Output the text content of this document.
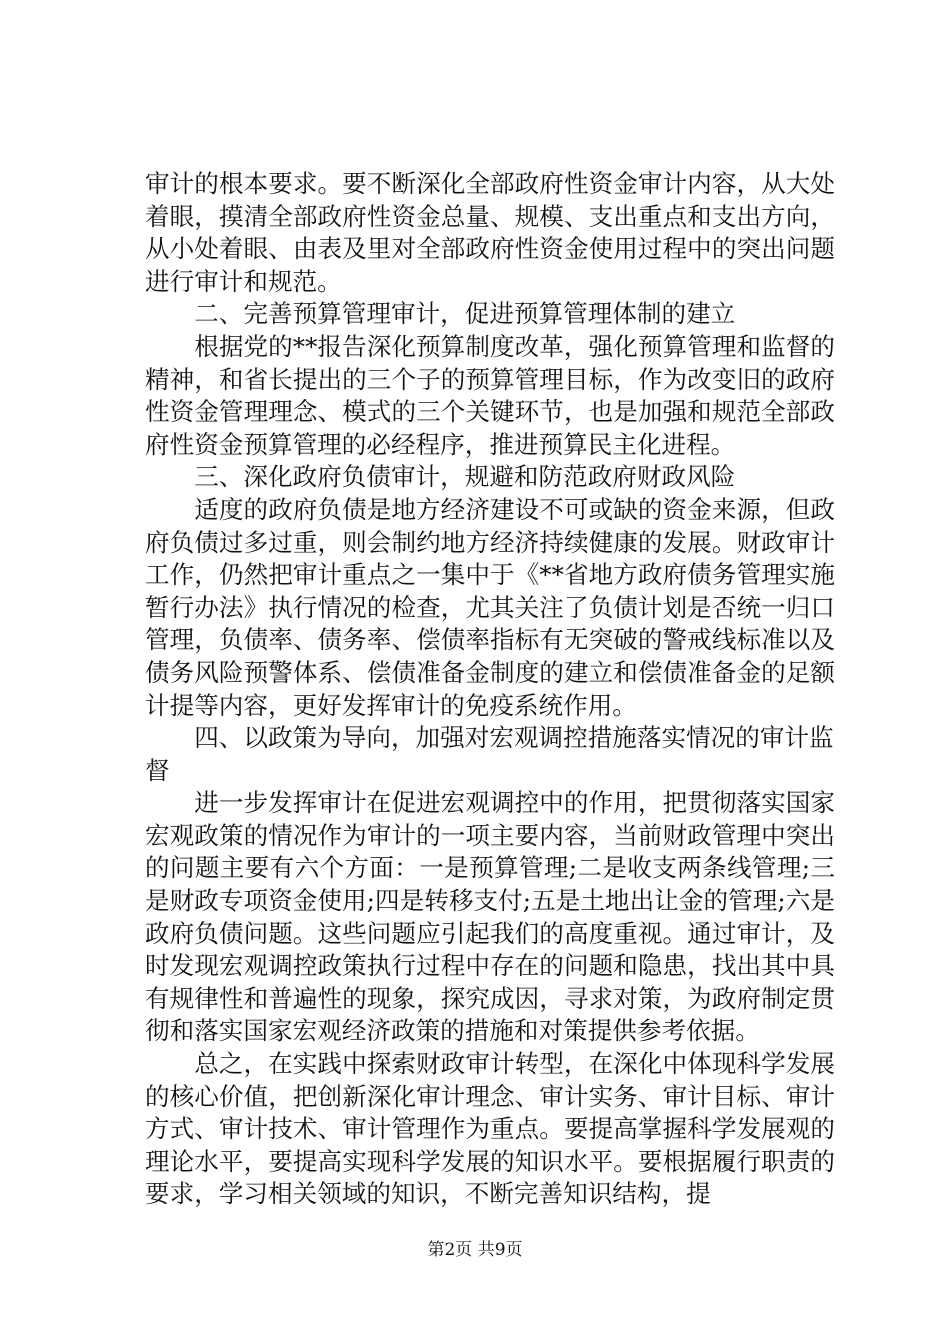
审计的根本要求。要不断深化全部政府性资金审计内容，从大处着眼，摸清全部政府性资金总量、规模、支出重点和支出方向，从小处着眼、由表及里对全部政府性资金使用过程中的突出问题进行审计和规范。

二、完善预算管理审计，促进预算管理体制的建立

根据党的**报告深化预算制度改革，强化预算管理和监督的精神，和省长提出的三个子的预算管理目标，作为改变旧的政府性资金管理理念、模式的三个关键环节，也是加强和规范全部政府性资金预算管理的必经程序，推进预算民主化进程。

三、深化政府负债审计，规避和防范政府财政风险

适度的政府负债是地方经济建设不可或缺的资金来源，但政府负债过多过重，则会制约地方经济持续健康的发展。财政审计工作，仍然把审计重点之一集中于《**省地方政府债务管理实施暂行办法》执行情况的检查，尤其关注了负债计划是否统一归口管理，负债率、债务率、偿债率指标有无突破的警戒线标准以及债务风险预警体系、偿债准备金制度的建立和偿债准备金的足额计提等内容，更好发挥审计的免疫系统作用。

四、以政策为导向，加强对宏观调控措施落实情况的审计监督

进一步发挥审计在促进宏观调控中的作用，把贯彻落实国家宏观政策的情况作为审计的一项主要内容，当前财政管理中突出的问题主要有六个方面：一是预算管理;二是收支两条线管理;三是财政专项资金使用;四是转移支付;五是土地出让金的管理;六是政府负债问题。这些问题应引起我们的高度重视。通过审计，及时发现宏观调控政策执行过程中存在的问题和隐患，找出其中具有规律性和普遍性的现象，探究成因，寻求对策，为政府制定贯彻和落实国家宏观经济政策的措施和对策提供参考依据。

总之，在实践中探索财政审计转型，在深化中体现科学发展的核心价值，把创新深化审计理念、审计实务、审计目标、审计方式、审计技术、审计管理作为重点。要提高掌握科学发展观的理论水平，要提高实现科学发展的知识水平。要根据履行职责的要求，学习相关领域的知识，不断完善知识结构，提

第2页 共9页
